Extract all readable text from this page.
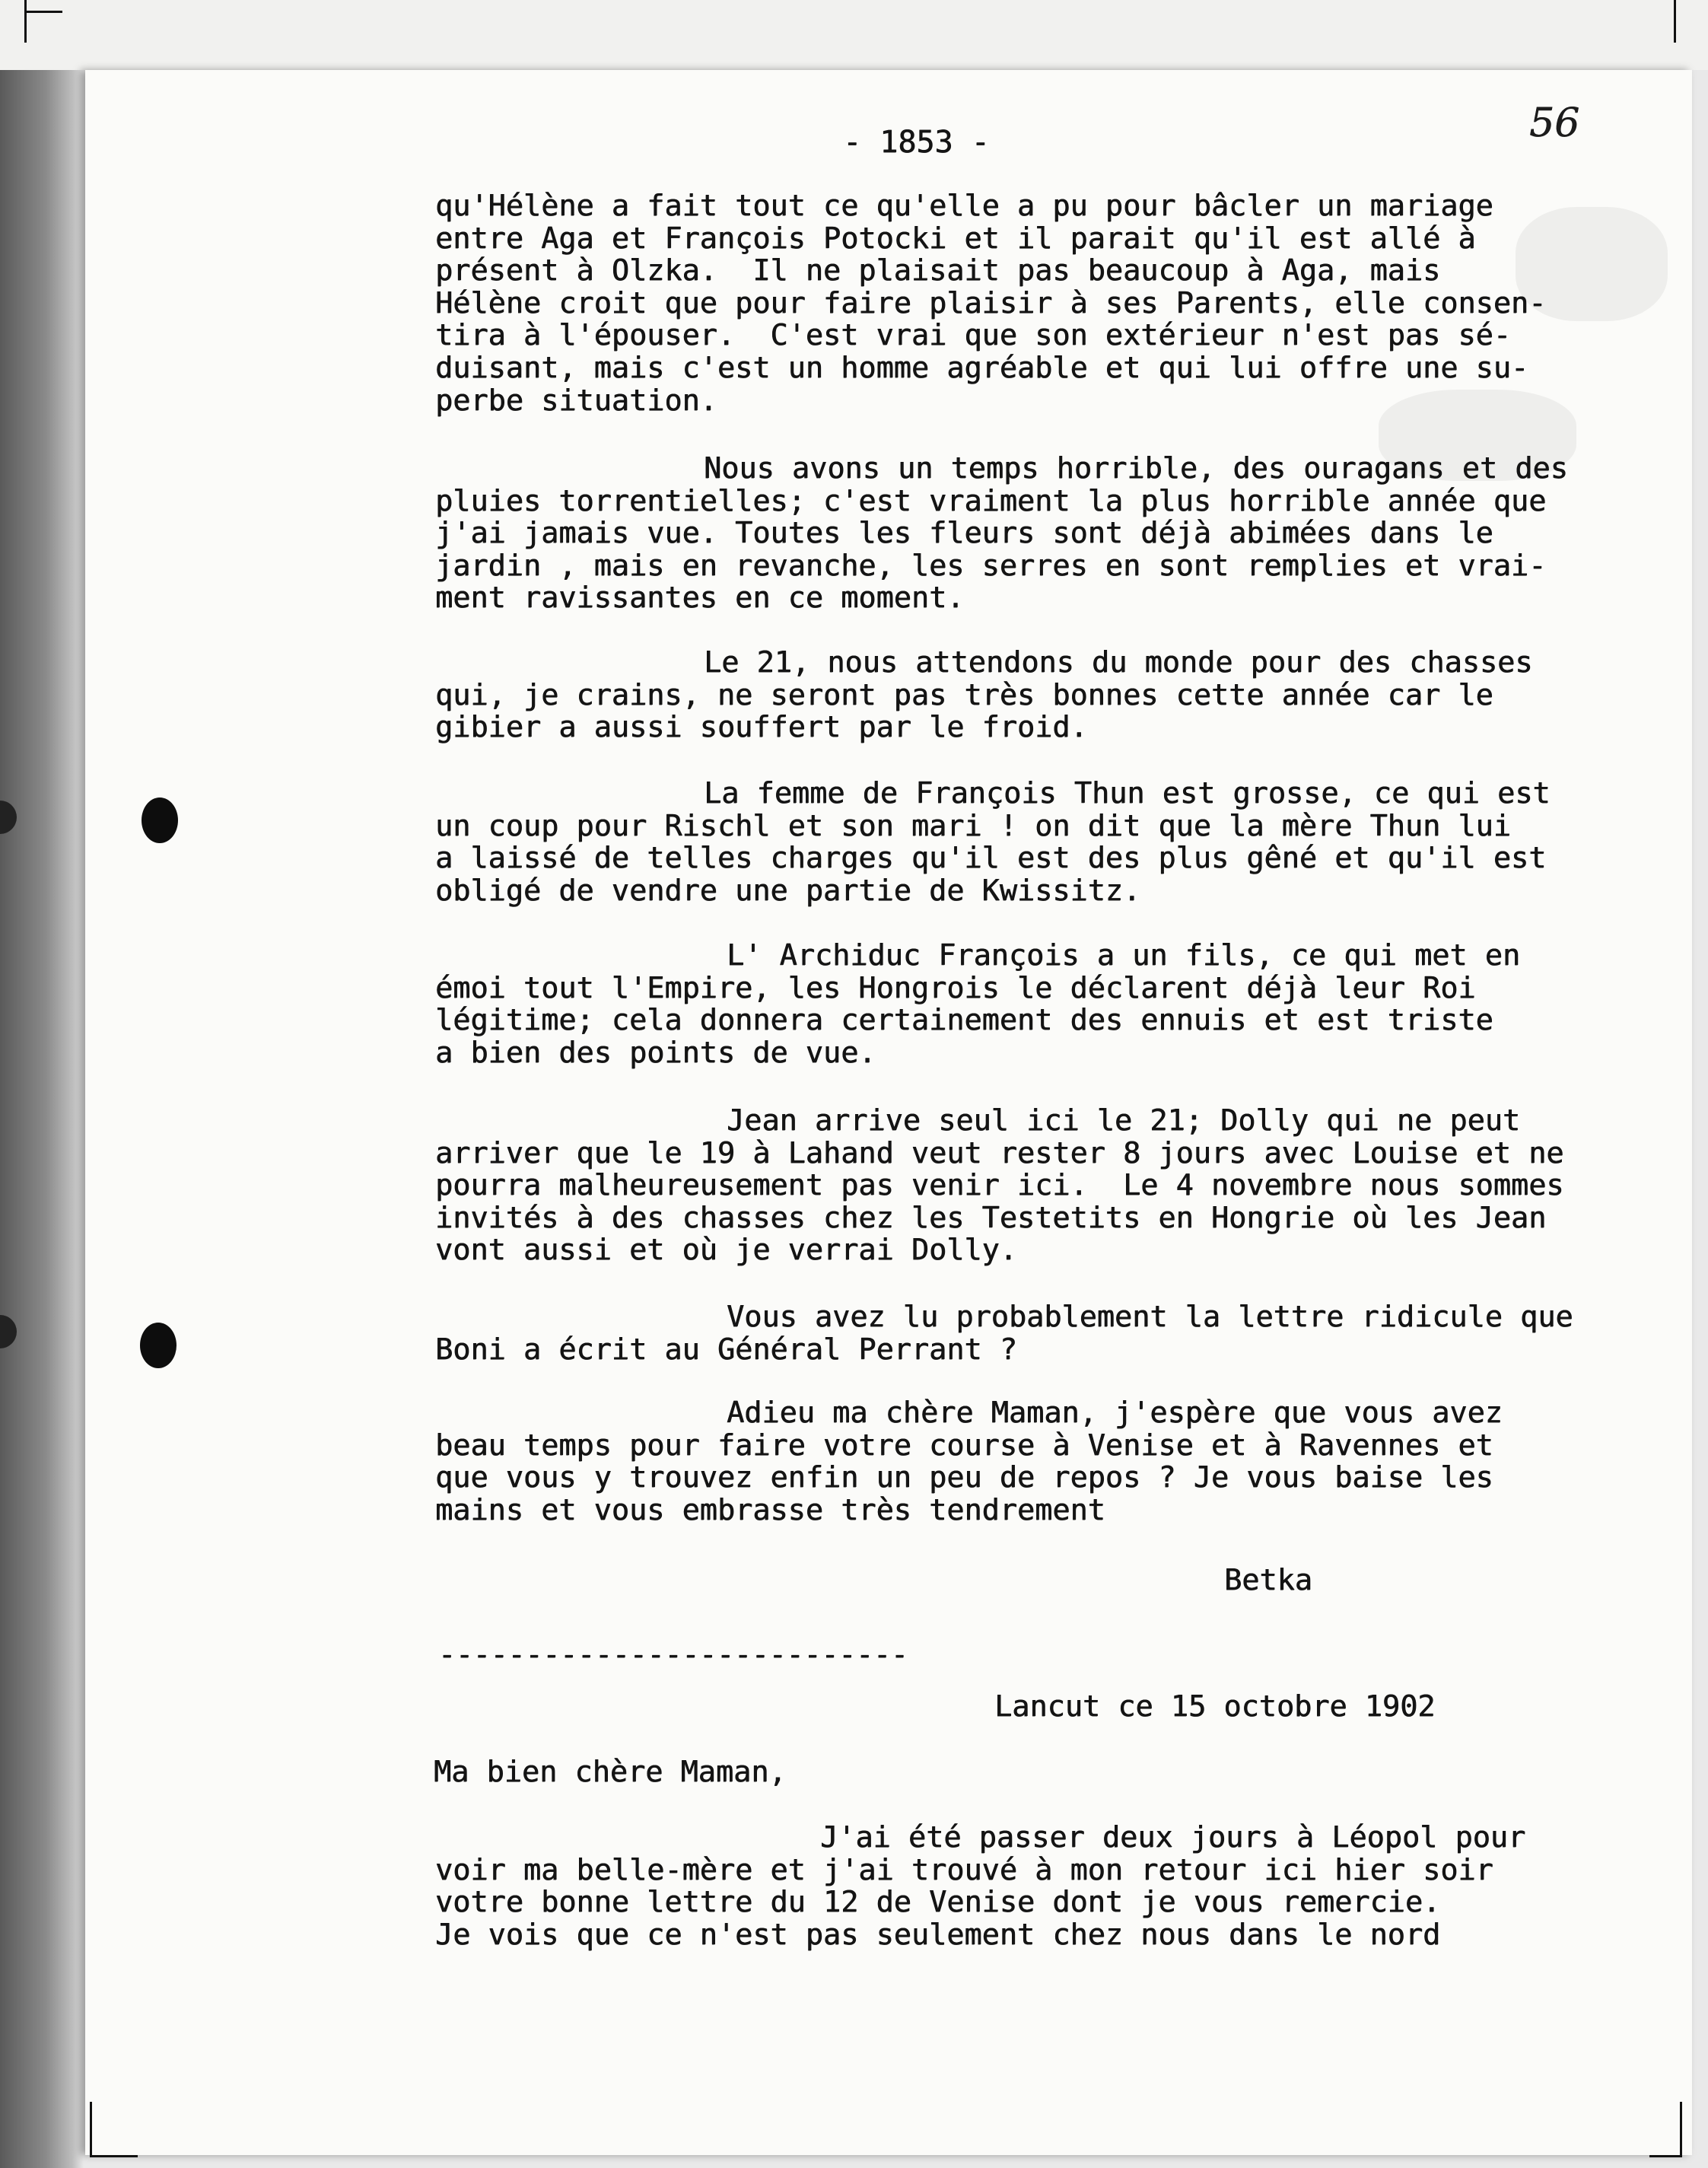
- 1853 -	56
qu'Hélène a fait tout ce qu'elle a pu pour bâcler un mariage
entre Aga et François Potocki et il parait qu'il est allé à
présent à Olzka.  Il ne plaisait pas beaucoup à Aga, mais
Hélène croit que pour faire plaisir à ses Parents, elle consen-
tira à l'épouser.  C'est vrai que son extérieur n'est pas sé-
duisant, mais c'est un homme agréable et qui lui offre une su-
perbe situation.
Nous avons un temps horrible, des ouragans et des
pluies torrentielles; c'est vraiment la plus horrible année que
j'ai jamais vue. Toutes les fleurs sont déjà abimées dans le
jardin , mais en revanche, les serres en sont remplies et vrai-
ment ravissantes en ce moment.
Le 21, nous attendons du monde pour des chasses
qui, je crains, ne seront pas très bonnes cette année car le
gibier a aussi souffert par le froid.
La femme de François Thun est grosse, ce qui est
un coup pour Rischl et son mari ! on dit que la mère Thun lui
a laissé de telles charges qu'il est des plus gêné et qu'il est
obligé de vendre une partie de Kwissitz.
L' Archiduc François a un fils, ce qui met en
émoi tout l'Empire, les Hongrois le déclarent déjà leur Roi
légitime; cela donnera certainement des ennuis et est triste
a bien des points de vue.
Jean arrive seul ici le 21; Dolly qui ne peut
arriver que le 19 à Lahand veut rester 8 jours avec Louise et ne
pourra malheureusement pas venir ici.  Le 4 novembre nous sommes
invités à des chasses chez les Testetits en Hongrie où les Jean
vont aussi et où je verrai Dolly.
Vous avez lu probablement la lettre ridicule que
Boni a écrit au Général Perrant ?
Adieu ma chère Maman, j'espère que vous avez
beau temps pour faire votre course à Venise et à Ravennes et
que vous y trouvez enfin un peu de repos ? Je vous baise les
mains et vous embrasse très tendrement
Betka
---------------------------
Lancut ce 15 octobre 1902
Ma bien chère Maman,
J'ai été passer deux jours à Léopol pour
voir ma belle-mère et j'ai trouvé à mon retour ici hier soir
votre bonne lettre du 12 de Venise dont je vous remercie.
Je vois que ce n'est pas seulement chez nous dans le nord
